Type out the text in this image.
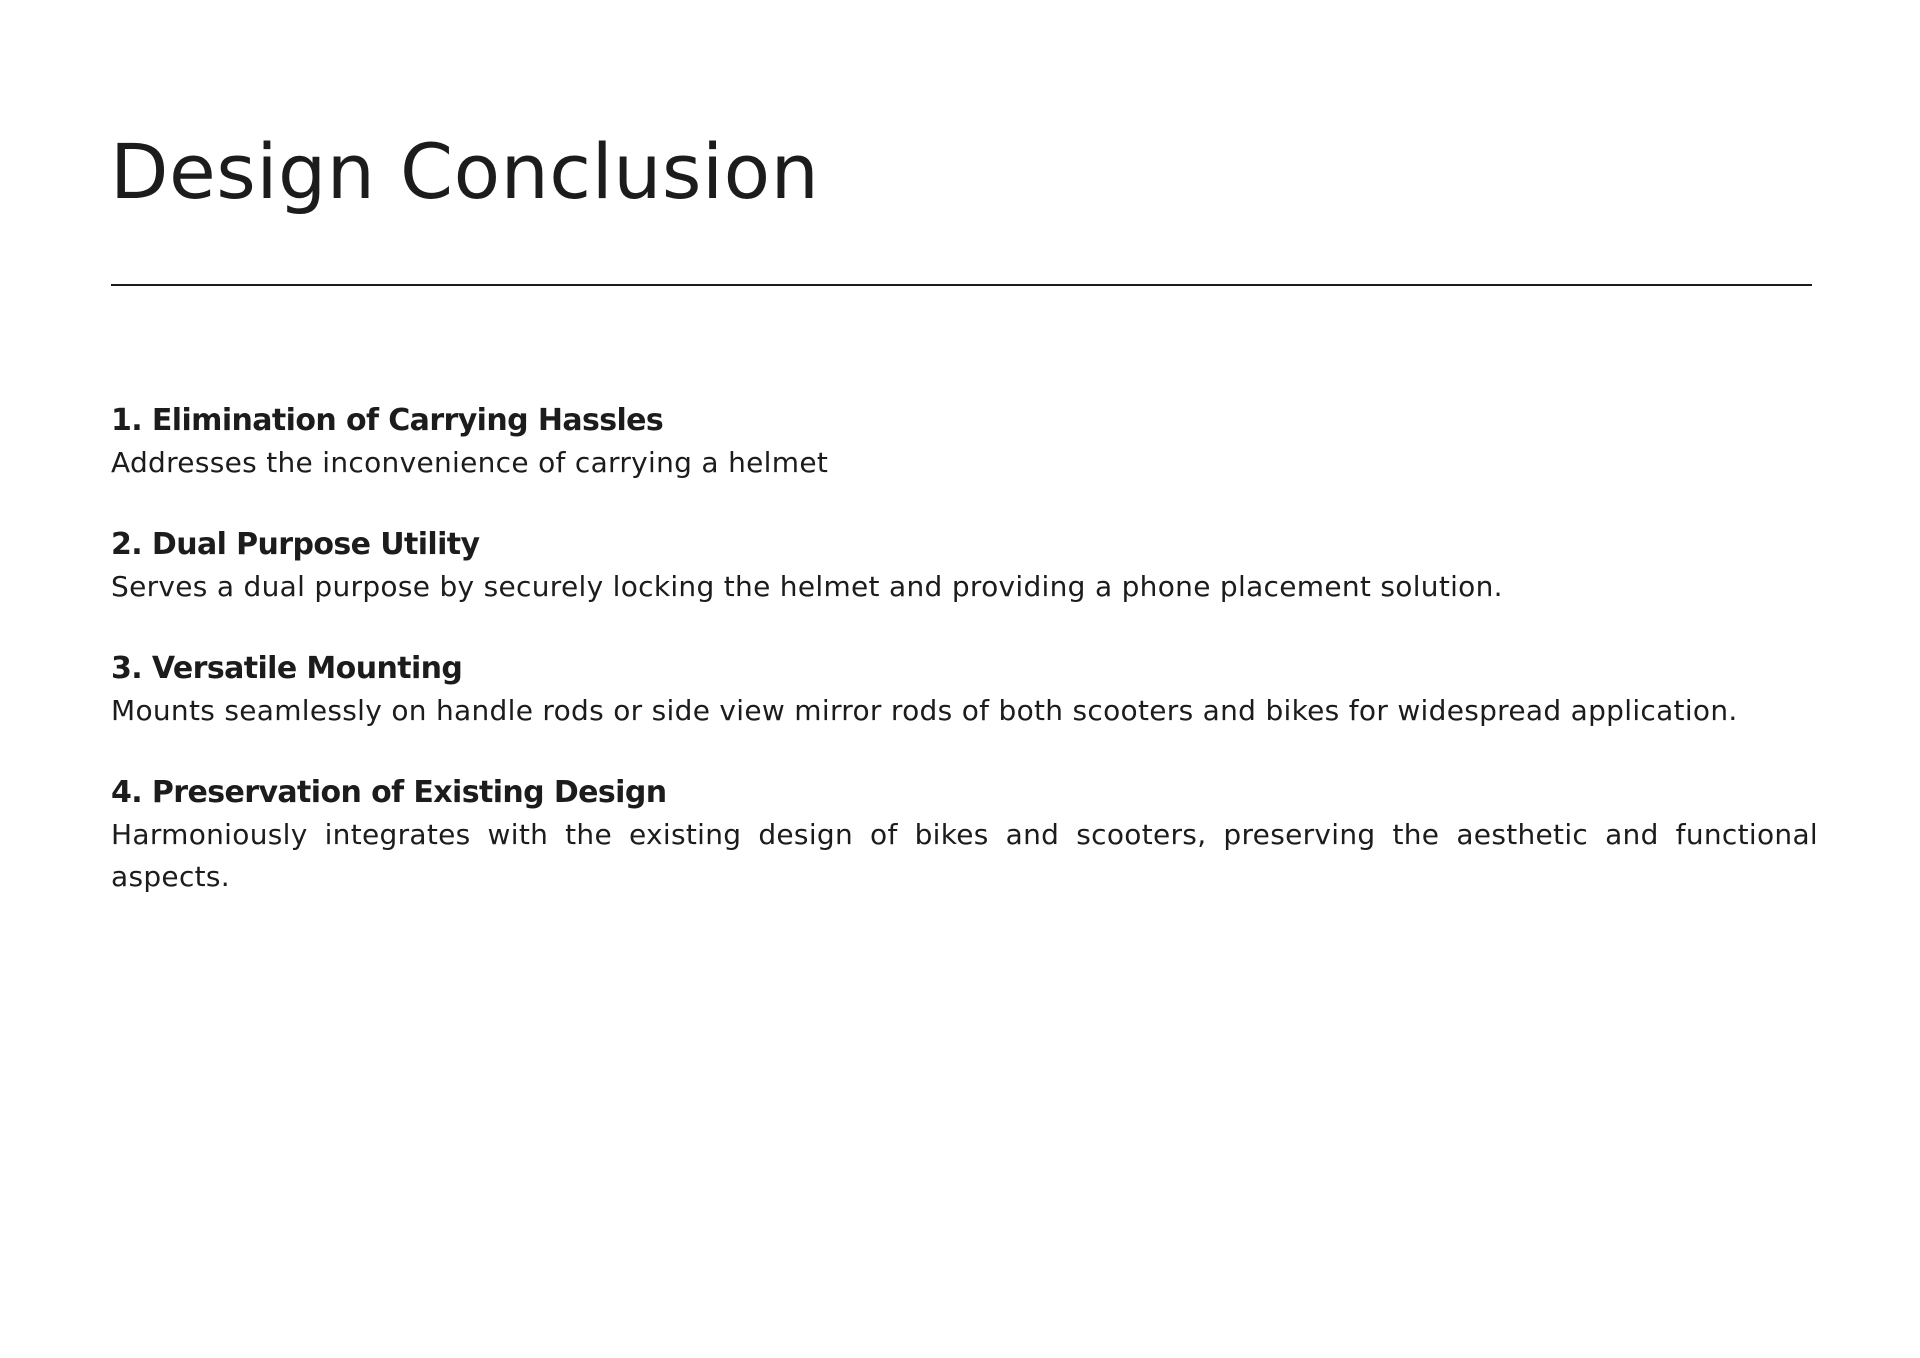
Design Conclusion

1. Elimination of Carrying Hassles

Addresses the inconvenience of carrying a helmet

2. Dual Purpose Utility

Serves a dual purpose by securely locking the helmet and providing a phone placement solution.

3. Versatile Mounting

Mounts seamlessly on handle rods or side view mirror rods of both scooters and bikes for widespread application.

4. Preservation of Existing Design

Harmoniously integrates with the existing design of bikes and scooters, preserving the aesthetic and functional aspects.
